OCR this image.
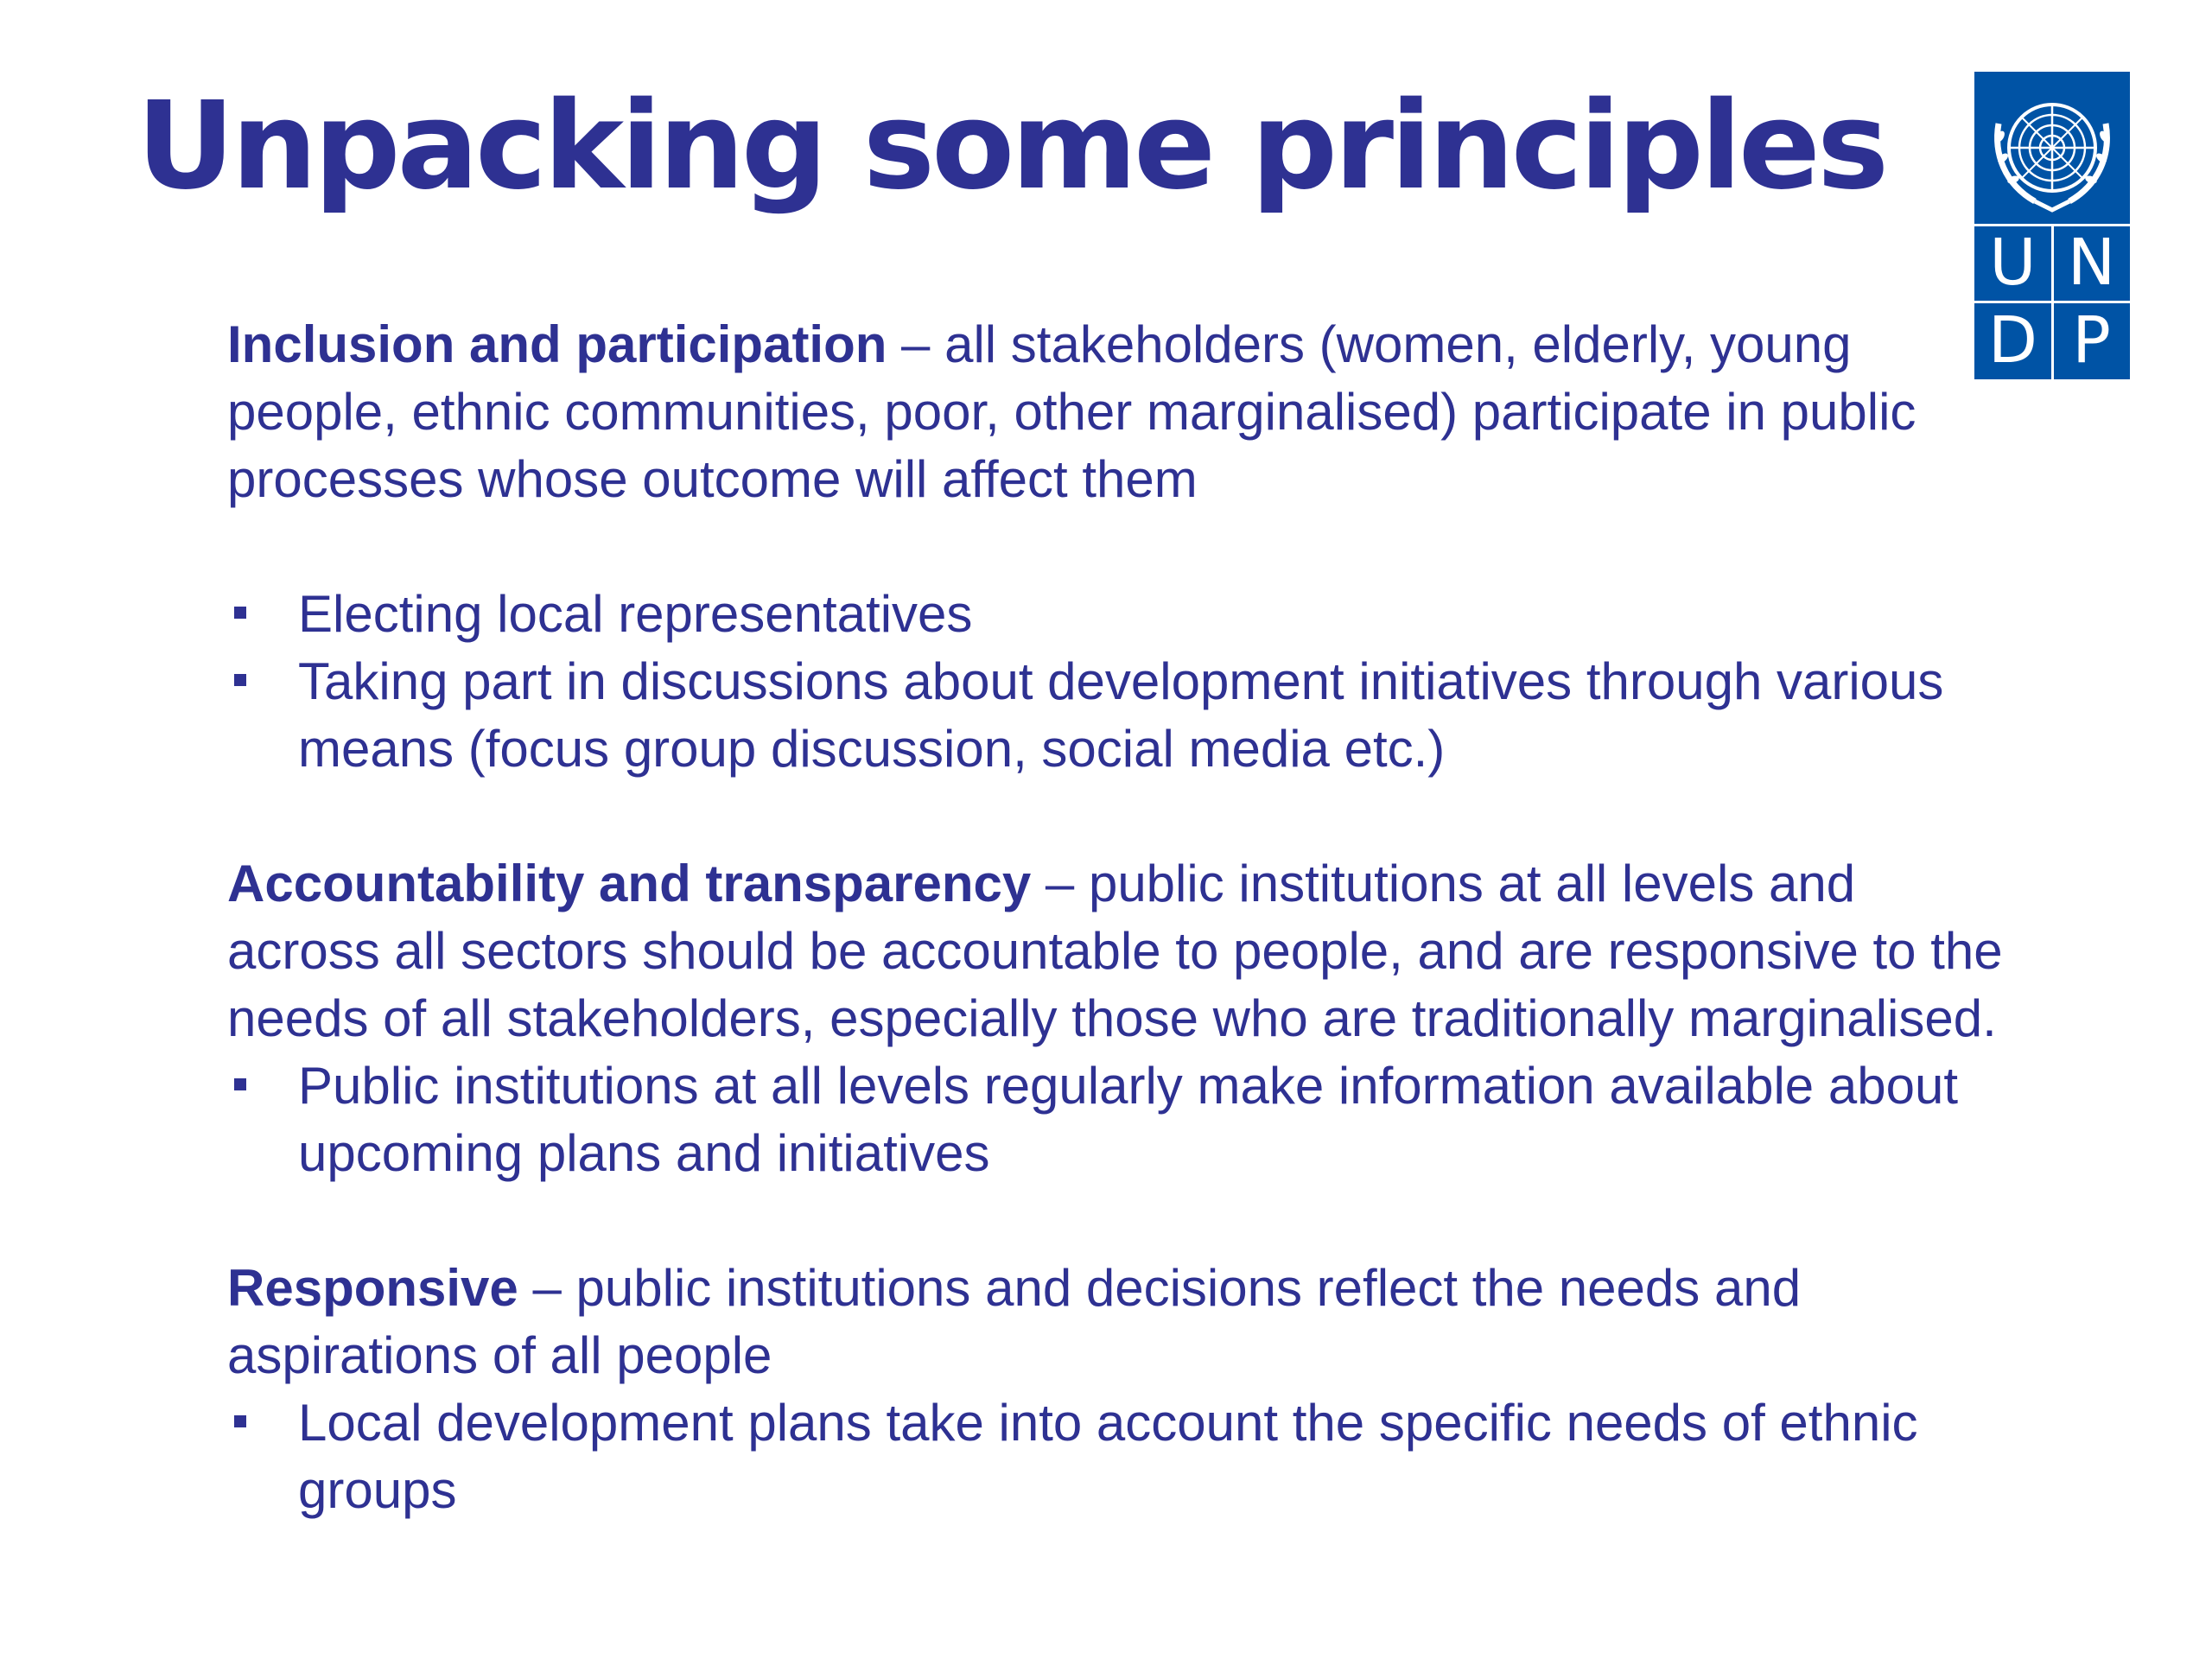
Unpacking some principles
U N
D P

Inclusion and participation – all stakeholders (women, elderly, young people, ethnic communities, poor, other marginalised) participate in public processes whose outcome will affect them

Electing local representatives
Taking part in discussions about development initiatives through various means (focus group discussion, social media etc.)

Accountability and transparency – public institutions at all levels and across all sectors should be accountable to people, and are responsive to the needs of all stakeholders, especially those who are traditionally marginalised.

Public institutions at all levels regularly make information available about upcoming plans and initiatives

Responsive – public institutions and decisions reflect the needs and aspirations of all people

Local development plans take into account the specific needs of ethnic groups
